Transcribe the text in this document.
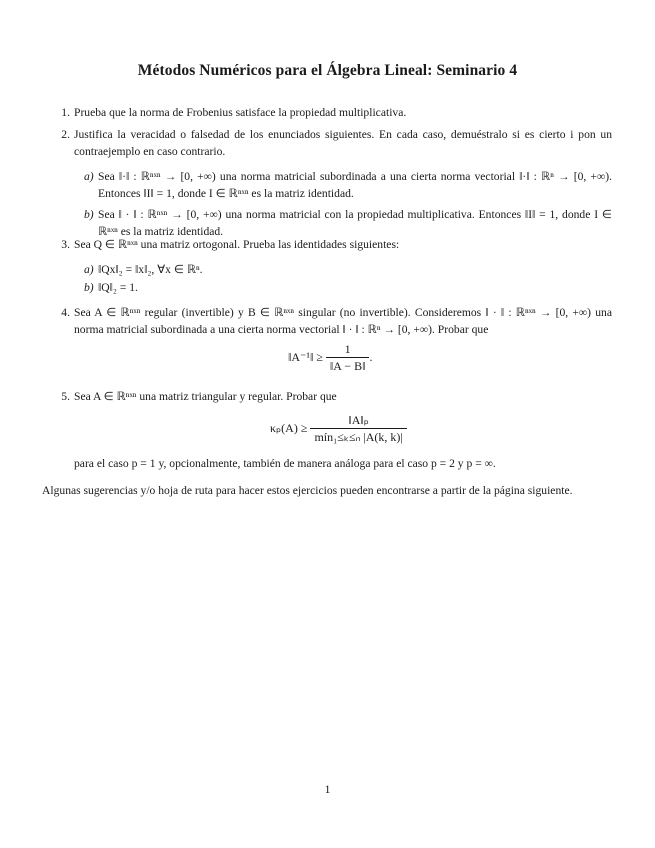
Métodos Numéricos para el Álgebra Lineal: Seminario 4
1. Prueba que la norma de Frobenius satisface la propiedad multiplicativa.
2. Justifica la veracidad o falsedad de los enunciados siguientes. En cada caso, demuéstralo si es cierto i pon un contraejemplo en caso contrario.
a) Sea ‖·‖ : ℝⁿˣⁿ → [0, +∞) una norma matricial subordinada a una cierta norma vectorial ‖·‖ : ℝⁿ → [0, +∞). Entonces ‖I‖ = 1, donde I ∈ ℝⁿˣⁿ es la matriz identidad.
b) Sea ‖ · ‖ : ℝⁿˣⁿ → [0, +∞) una norma matricial con la propiedad multiplicativa. Entonces ‖I‖ = 1, donde I ∈ ℝⁿˣⁿ es la matriz identidad.
3. Sea Q ∈ ℝⁿˣⁿ una matriz ortogonal. Prueba las identidades siguientes:
a) ‖Qx‖₂ = ‖x‖₂, ∀x ∈ ℝⁿ.
b) ‖Q‖₂ = 1.
4. Sea A ∈ ℝⁿˣⁿ regular (invertible) y B ∈ ℝⁿˣⁿ singular (no invertible). Consideremos ‖ · ‖ : ℝⁿˣⁿ → [0, +∞) una norma matricial subordinada a una cierta norma vectorial ‖ · ‖ : ℝⁿ → [0, +∞). Probar que
‖A⁻¹‖ ≥ $\frac{1}{‖A - B‖}$ .
5. Sea A ∈ ℝⁿˣⁿ una matriz triangular y regular. Probar que
$\kappa_p(A) \ge \frac{\text{‖A‖ₚ}}{\text{mín₁≤ₖ≤ₙ |A(k, k)|}}$
para el caso p = 1 y, opcionalmente, también de manera análoga para el caso p = 2 y p = ∞.
Algunas sugerencias y/o hoja de ruta para hacer estos ejercicios pueden encontrarse a partir de la página siguiente.
1
